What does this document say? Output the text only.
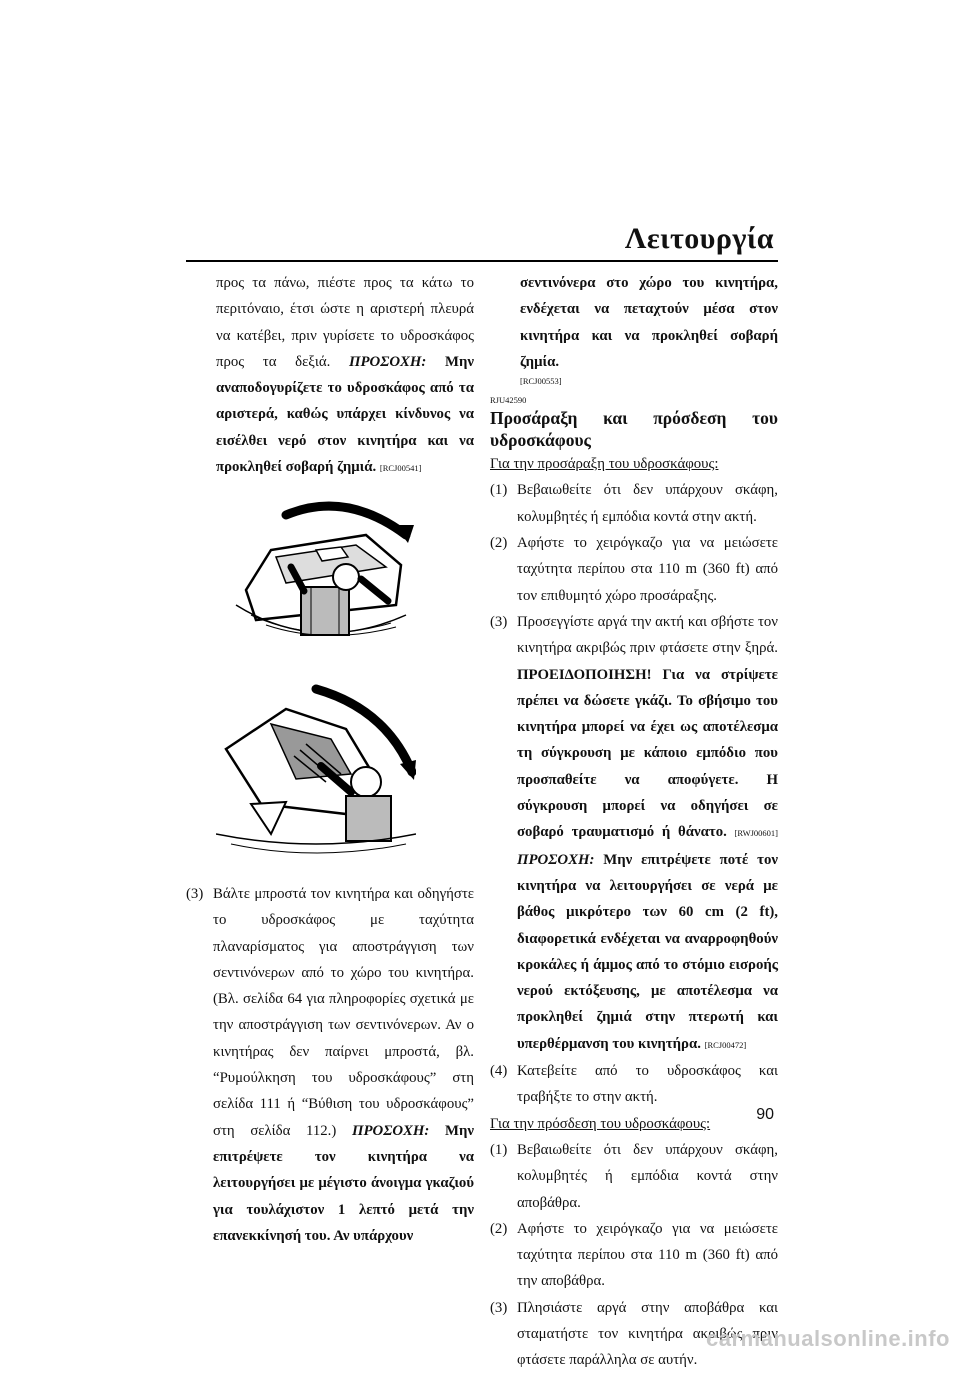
Λειτουργία
προς τα πάνω, πιέστε προς τα κάτω το περιτόναιο, έτσι ώστε η αριστερή πλευρά να κατέβει, πριν γυρίσετε το υδροσκάφος προς τα δεξιά. ΠΡΟΣΟΧΗ: Μην αναποδογυρίζετε το υδροσκάφος από τα αριστερά, καθώς υπάρχει κίνδυνος να εισέλθει νερό στον κινητήρα και να προκληθεί σοβαρή ζημιά. [RCJ00541]
(3) Βάλτε μπροστά τον κινητήρα και οδηγήστε το υδροσκάφος με ταχύτητα πλαναρίσματος για αποστράγγιση των σεντινόνερων από το χώρο του κινητήρα. (Βλ. σελίδα 64 για πληροφορίες σχετικά με την αποστράγγιση των σεντινόνερων. Αν ο κινητήρας δεν παίρνει μπροστά, βλ. “Ρυμούλκηση του υδροσκάφους” στη σελίδα 111 ή “Βύθιση του υδροσκάφους” στη σελίδα 112.) ΠΡΟΣΟΧΗ: Μην επιτρέψετε τον κινητήρα να λειτουργήσει με μέγιστο άνοιγμα γκαζιού για τουλάχιστον 1 λεπτό μετά την επανεκκίνησή του. Αν υπάρχουν
σεντινόνερα στο χώρο του κινητήρα, ενδέχεται να πεταχτούν μέσα στον κινητήρα και να προκληθεί σοβαρή ζημία.
[RCJ00553]
RJU42590
Προσάραξη και πρόσδεση του υδροσκάφους
Για την προσάραξη του υδροσκάφους:
(1) Βεβαιωθείτε ότι δεν υπάρχουν σκάφη, κολυμβητές ή εμπόδια κοντά στην ακτή.
(2) Αφήστε το χειρόγκαζο για να μειώσετε ταχύτητα περίπου στα 110 m (360 ft) από τον επιθυμητό χώρο προσάραξης.
(3) Προσεγγίστε αργά την ακτή και σβήστε τον κινητήρα ακριβώς πριν φτάσετε στην ξηρά. ΠΡΟΕΙΔΟΠΟΙΗΣΗ! Για να στρίψετε πρέπει να δώσετε γκάζι. Το σβήσιμο του κινητήρα μπορεί να έχει ως αποτέλεσμα τη σύγκρουση με κάποιο εμπόδιο που προσπαθείτε να αποφύγετε. Η σύγκρουση μπορεί να οδηγήσει σε σοβαρό τραυματισμό ή θάνατο. [RWJ00601] ΠΡΟΣΟΧΗ: Μην επιτρέψετε ποτέ τον κινητήρα να λειτουργήσει σε νερά με βάθος μικρότερο των 60 cm (2 ft), διαφορετικά ενδέχεται να αναρροφηθούν κροκάλες ή άμμος από το στόμιο εισροής νερού εκτόξευσης, με αποτέλεσμα να προκληθεί ζημιά στην πτερωτή και υπερθέρμανση του κινητήρα. [RCJ00472]
(4) Κατεβείτε από το υδροσκάφος και τραβήξτε το στην ακτή.
Για την πρόσδεση του υδροσκάφους:
(1) Βεβαιωθείτε ότι δεν υπάρχουν σκάφη, κολυμβητές ή εμπόδια κοντά στην αποβάθρα.
(2) Αφήστε το χειρόγκαζο για να μειώσετε ταχύτητα περίπου στα 110 m (360 ft) από την αποβάθρα.
(3) Πλησιάστε αργά στην αποβάθρα και σταματήστε τον κινητήρα ακριβώς πριν φτάσετε παράλληλα σε αυτήν.
90
carmanualsonline.info
